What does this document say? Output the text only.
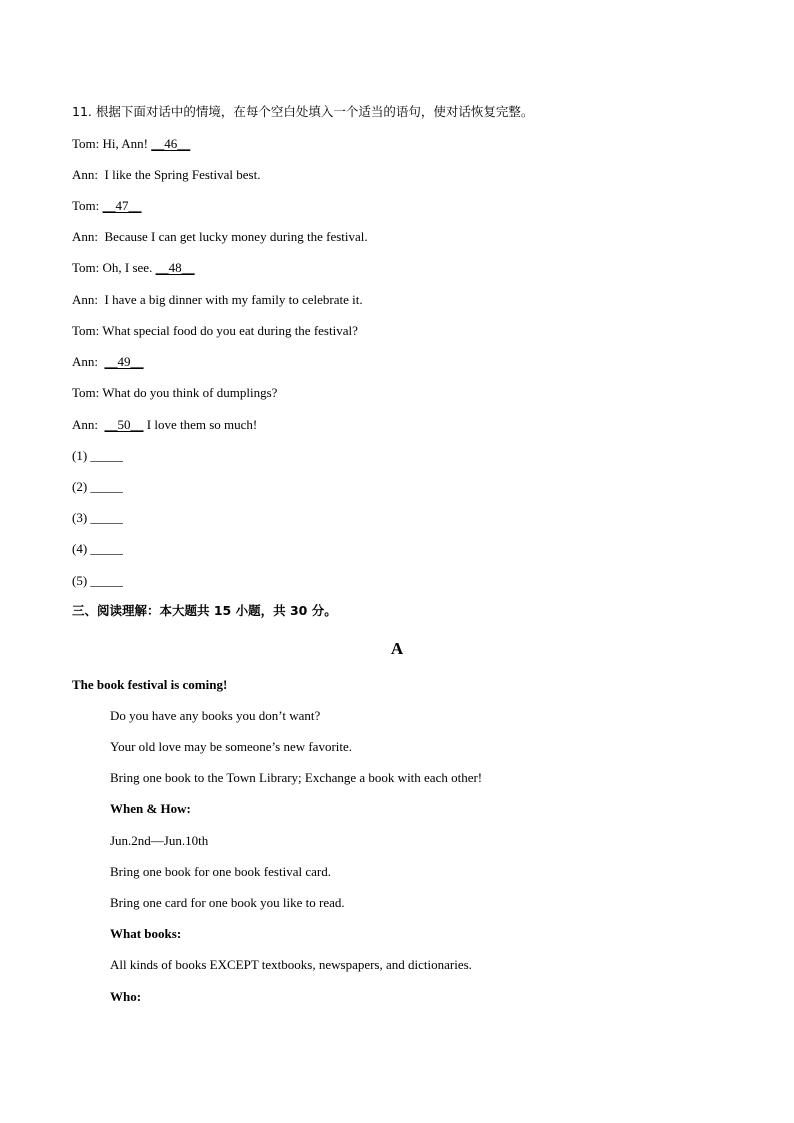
11. 根据下面对话中的情境，在每个空白处填入一个适当的语句，使对话恢复完整。
Tom: Hi, Ann! __46__
Ann:  I like the Spring Festival best.
Tom: __47__
Ann:  Because I can get lucky money during the festival.
Tom: Oh, I see. __48__
Ann:  I have a big dinner with my family to celebrate it.
Tom: What special food do you eat during the festival?
Ann: __49__
Tom: What do you think of dumplings?
Ann: __50__ I love them so much!
(1) _____
(2) _____
(3) _____
(4) _____
(5) _____
三、阅读理解：本大题共 15 小题，共 30 分。
A
The book festival is coming!
Do you have any books you don’t want?
Your old love may be someone’s new favorite.
Bring one book to the Town Library; Exchange a book with each other!
When & How:
Jun.2nd—Jun.10th
Bring one book for one book festival card.
Bring one card for one book you like to read.
What books:
All kinds of books EXCEPT textbooks, newspapers, and dictionaries.
Who:
